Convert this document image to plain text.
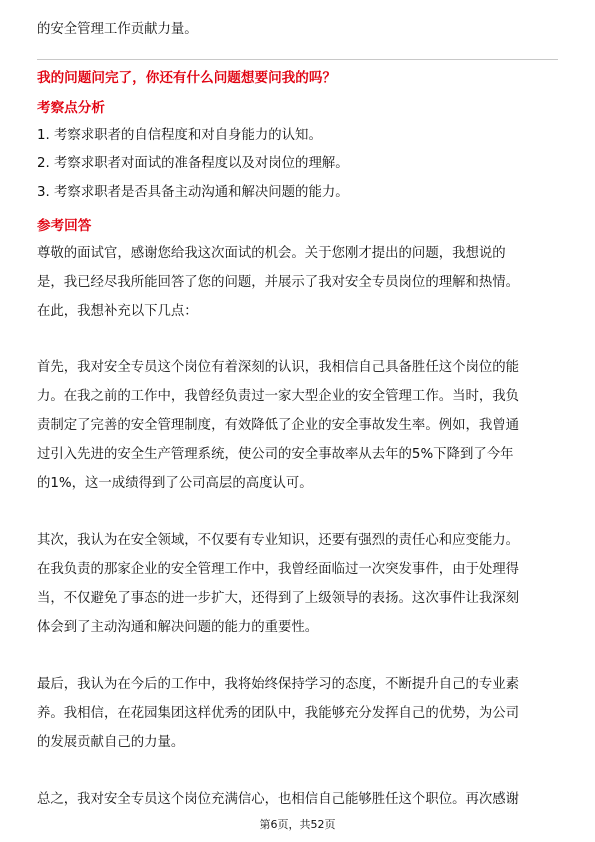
的安全管理工作贡献力量。
我的问题问完了，你还有什么问题想要问我的吗？
考察点分析
1. 考察求职者的自信程度和对自身能力的认知。
2. 考察求职者对面试的准备程度以及对岗位的理解。
3. 考察求职者是否具备主动沟通和解决问题的能力。
参考回答
尊敬的面试官，感谢您给我这次面试的机会。关于您刚才提出的问题，我想说的
是，我已经尽我所能回答了您的问题，并展示了我对安全专员岗位的理解和热情。
在此，我想补充以下几点：
首先，我对安全专员这个岗位有着深刻的认识，我相信自己具备胜任这个岗位的能
力。在我之前的工作中，我曾经负责过一家大型企业的安全管理工作。当时，我负
责制定了完善的安全管理制度，有效降低了企业的安全事故发生率。例如，我曾通
过引入先进的安全生产管理系统，使公司的安全事故率从去年的5%下降到了今年
的1%，这一成绩得到了公司高层的高度认可。
其次，我认为在安全领域，不仅要有专业知识，还要有强烈的责任心和应变能力。
在我负责的那家企业的安全管理工作中，我曾经面临过一次突发事件，由于处理得
当，不仅避免了事态的进一步扩大，还得到了上级领导的表扬。这次事件让我深刻
体会到了主动沟通和解决问题的能力的重要性。
最后，我认为在今后的工作中，我将始终保持学习的态度，不断提升自己的专业素
养。我相信，在花园集团这样优秀的团队中，我能够充分发挥自己的优势，为公司
的发展贡献自己的力量。
总之，我对安全专员这个岗位充满信心，也相信自己能够胜任这个职位。再次感谢
第6页，共52页
